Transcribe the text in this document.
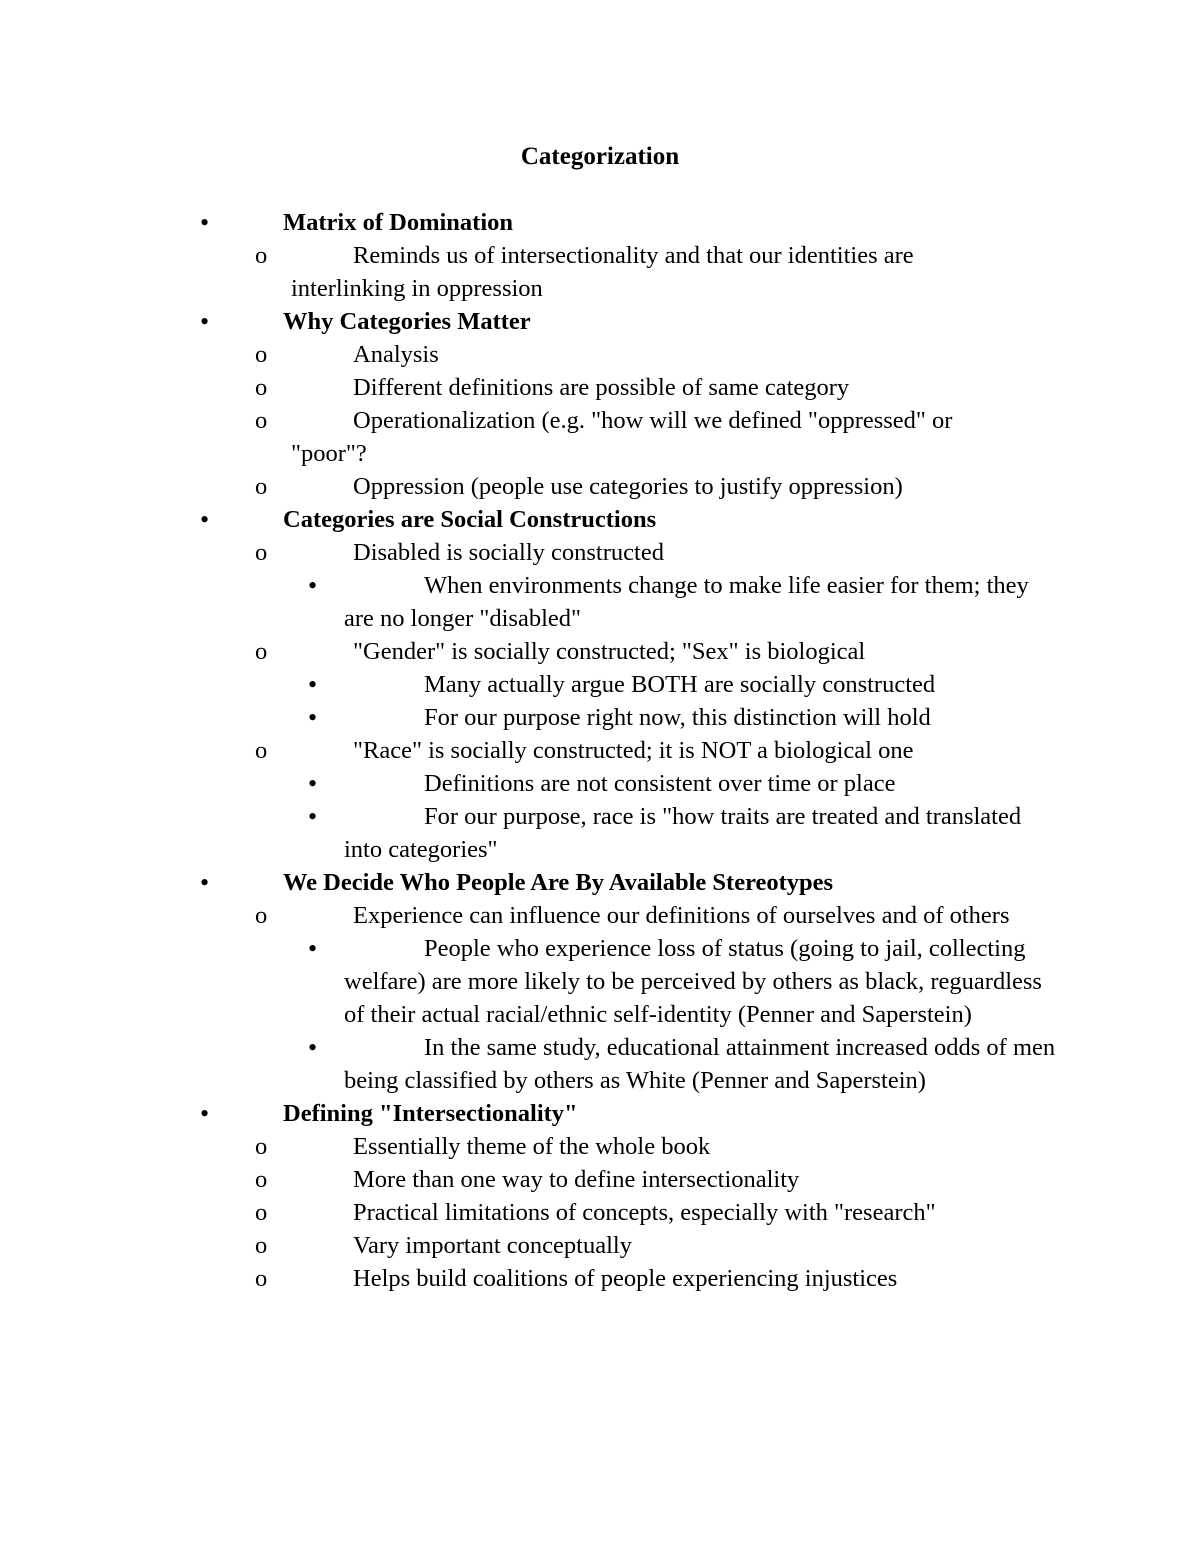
Categorization
•	Matrix of Domination
o	Reminds us of intersectionality and that our identities are interlinking in oppression
•	Why Categories Matter
o	Analysis
o	Different definitions are possible of same category
o	Operationalization (e.g. "how will we defined "oppressed" or "poor"?
o	Oppression (people use categories to justify oppression)
•	Categories are Social Constructions
o	Disabled is socially constructed
•	When environments change to make life easier for them; they are no longer "disabled"
o	"Gender" is socially constructed; "Sex" is biological
•	Many actually argue BOTH are socially constructed
•	For our purpose right now, this distinction will hold
o	"Race" is socially constructed; it is NOT a biological one
•	Definitions are not consistent over time or place
•	For our purpose, race is "how traits are treated and translated into categories"
•	We Decide Who People Are By Available Stereotypes
o	Experience can influence our definitions of ourselves and of others
•	People who experience loss of status (going to jail, collecting welfare) are more likely to be perceived by others as black, reguardless of their actual racial/ethnic self-identity (Penner and Saperstein)
•	In the same study, educational attainment increased odds of men being classified by others as White (Penner and Saperstein)
•	Defining "Intersectionality"
o	Essentially theme of the whole book
o	More than one way to define intersectionality
o	Practical limitations of concepts, especially with "research"
o	Vary important conceptually
o	Helps build coalitions of people experiencing injustices
